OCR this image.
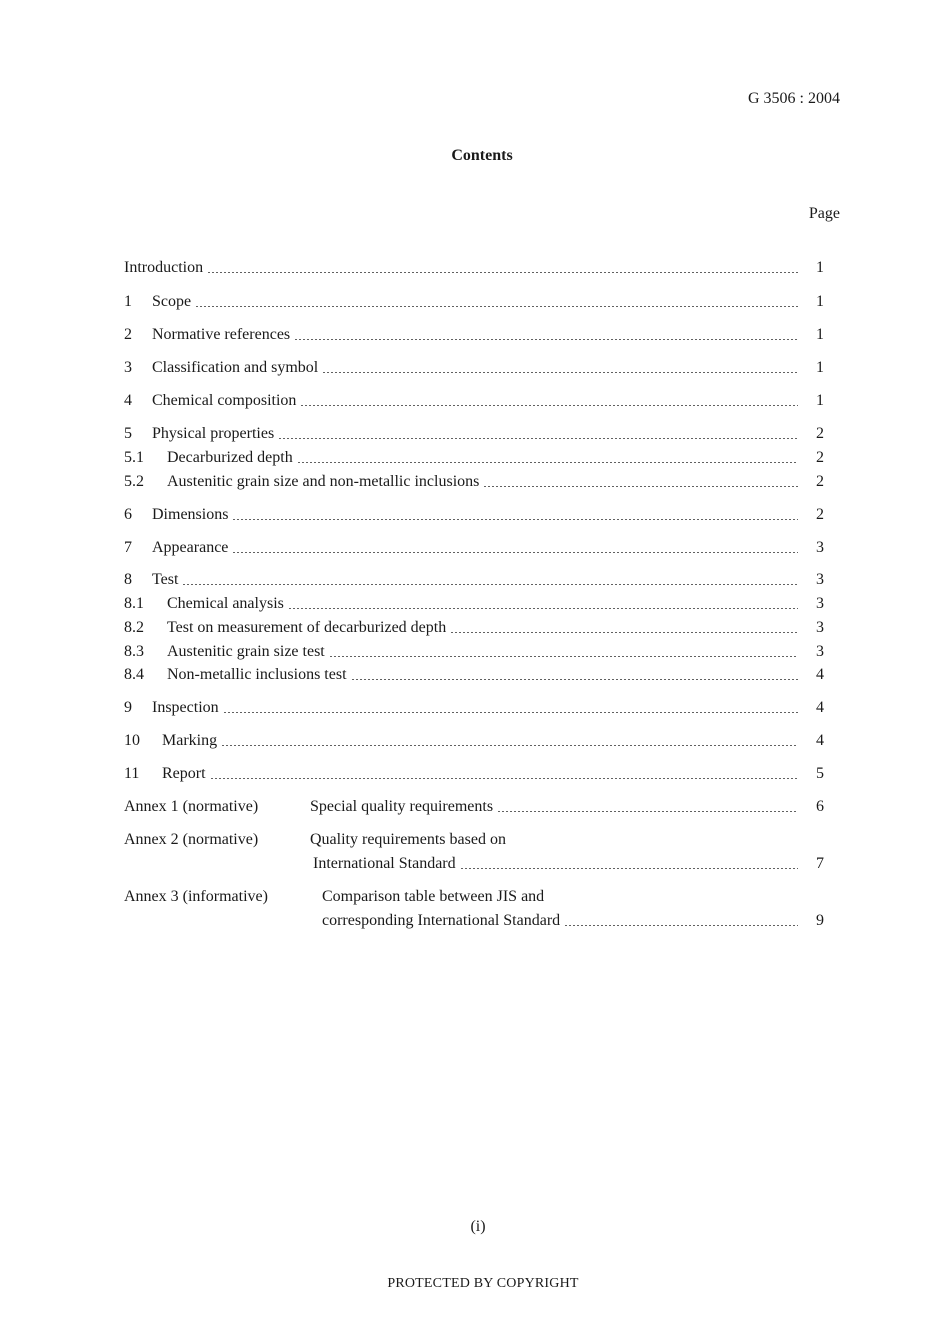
G 3506 : 2004
Contents
Page
Introduction	1
1	Scope	1
2	Normative references	1
3	Classification and symbol	1
4	Chemical composition	1
5	Physical properties	2
5.1	Decarburized depth	2
5.2	Austenitic grain size and non-metallic inclusions	2
6	Dimensions	2
7	Appearance	3
8	Test	3
8.1	Chemical analysis	3
8.2	Test on measurement of decarburized depth	3
8.3	Austenitic grain size test	3
8.4	Non-metallic inclusions test	4
9	Inspection	4
10	Marking	4
11	Report	5
Annex 1 (normative)	Special quality requirements	6
Annex 2 (normative)	Quality requirements based on
International Standard	7
Annex 3 (informative)	Comparison table between JIS and
corresponding International Standard	9
(i)
PROTECTED BY COPYRIGHT
